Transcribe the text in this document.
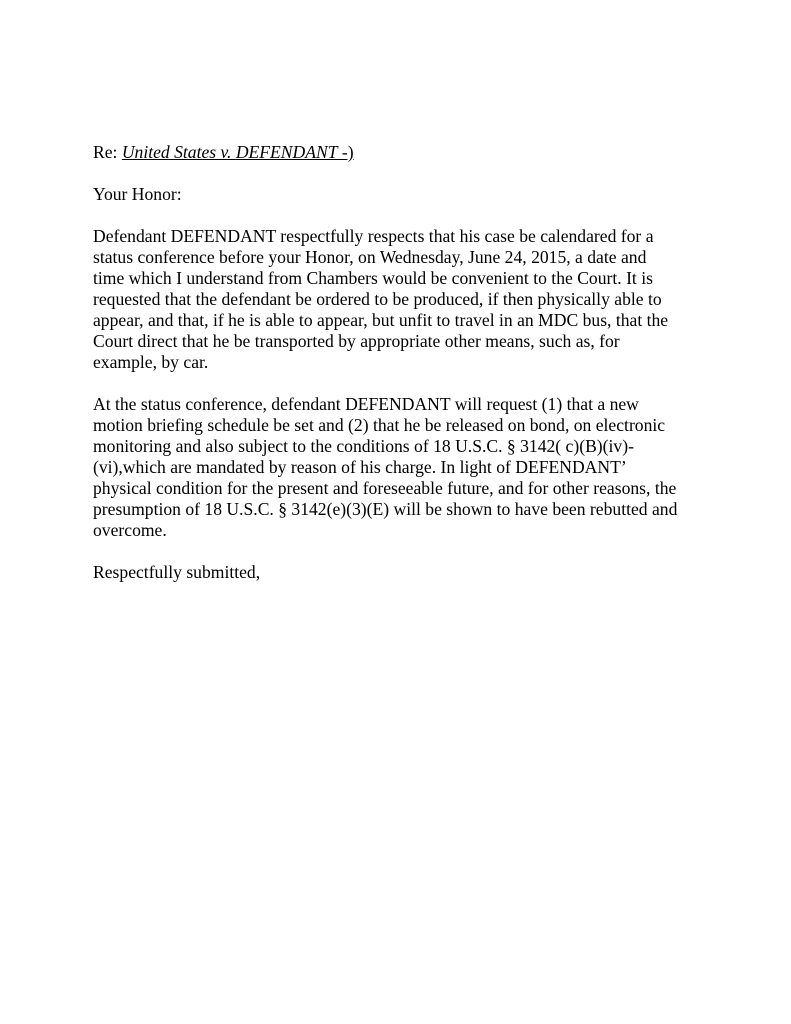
Re: United States v. DEFENDANT -)

Your Honor:

Defendant DEFENDANT respectfully respects that his case be calendared for a
status conference before your Honor, on Wednesday, June 24, 2015, a date and
time which I understand from Chambers would be convenient to the Court. It is
requested that the defendant be ordered to be produced, if then physically able to
appear, and that, if he is able to appear, but unfit to travel in an MDC bus, that the
Court direct that he be transported by appropriate other means, such as, for
example, by car.

At the status conference, defendant DEFENDANT will request (1) that a new
motion briefing schedule be set and (2) that he be released on bond, on electronic
monitoring and also subject to the conditions of 18 U.S.C. § 3142( c)(B)(iv)-
(vi),which are mandated by reason of his charge. In light of DEFENDANT’
physical condition for the present and foreseeable future, and for other reasons, the
presumption of 18 U.S.C. § 3142(e)(3)(E) will be shown to have been rebutted and
overcome.

Respectfully submitted,
